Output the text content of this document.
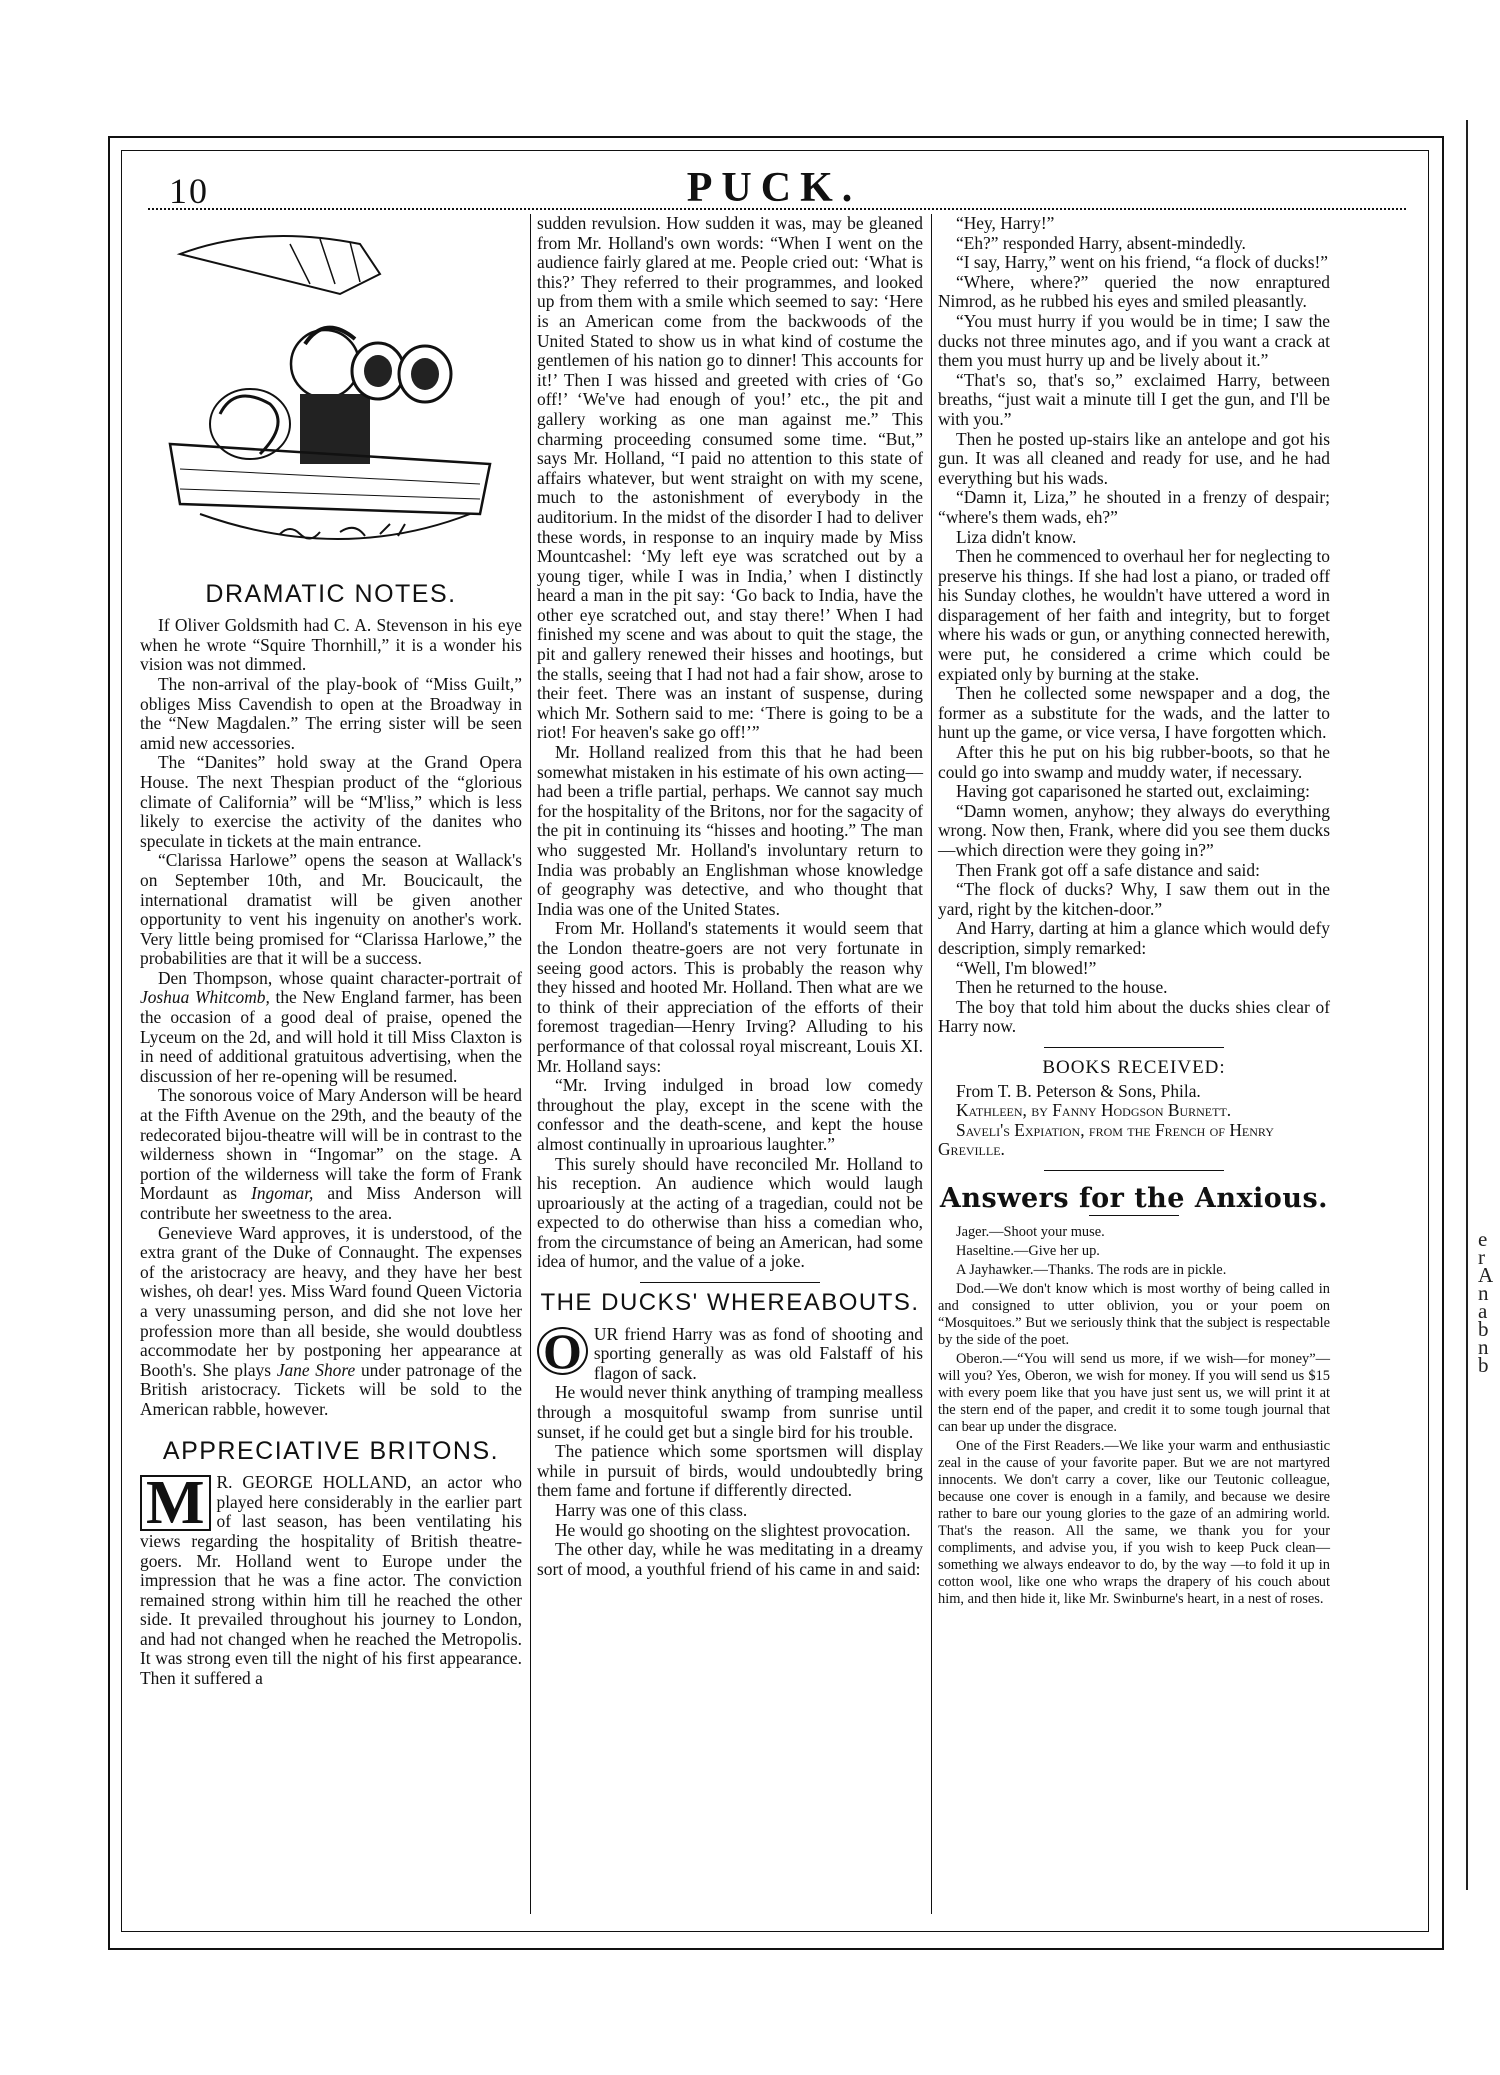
e
r
A
n
a
b
n
b
10	PUCK.
DRAMATIC NOTES.

If Oliver Goldsmith had C. A. Stevenson in his eye when he wrote “Squire Thornhill,” it is a wonder his vision was not dimmed.

The non-arrival of the play-book of “Miss Guilt,” obliges Miss Cavendish to open at the Broadway in the “New Magdalen.” The erring sister will be seen amid new accessories.

The “Danites” hold sway at the Grand Opera House. The next Thespian product of the “glorious climate of California” will be “M'liss,” which is less likely to exercise the activity of the danites who speculate in tickets at the main entrance.

“Clarissa Harlowe” opens the season at Wallack's on September 10th, and Mr. Boucicault, the international dramatist will be given another opportunity to vent his ingenuity on another's work. Very little being promised for “Clarissa Harlowe,” the probabilities are that it will be a success.

Den Thompson, whose quaint character-portrait of Joshua Whitcomb, the New England farmer, has been the occasion of a good deal of praise, opened the Lyceum on the 2d, and will hold it till Miss Claxton is in need of additional gratuitous advertising, when the discussion of her re-opening will be resumed.

The sonorous voice of Mary Anderson will be heard at the Fifth Avenue on the 29th, and the beauty of the redecorated bijou-theatre will will be in contrast to the wilderness shown in “Ingomar” on the stage. A portion of the wilderness will take the form of Frank Mordaunt as Ingomar, and Miss Anderson will contribute her sweetness to the area.

Genevieve Ward approves, it is understood, of the extra grant of the Duke of Connaught. The expenses of the aristocracy are heavy, and they have her best wishes, oh dear! yes. Miss Ward found Queen Victoria a very unassuming person, and did she not love her profession more than all beside, she would doubtless accommodate her by postponing her appearance at Booth's. She plays Jane Shore under patronage of the British aristocracy. Tickets will be sold to the American rabble, however.

APPRECIATIVE BRITONS.

M R. GEORGE HOLLAND, an actor who played here considerably in the earlier part of last season, has been ventilating his views regarding the hospitality of British theatre-goers. Mr. Holland went to Europe under the impression that he was a fine actor. The conviction remained strong within him till he reached the other side. It prevailed throughout his journey to London, and had not changed when he reached the Metropolis. It was strong even till the night of his first appearance. Then it suffered a

sudden revulsion. How sudden it was, may be gleaned from Mr. Holland's own words: “When I went on the audience fairly glared at me. People cried out: ‘What is this?’ They referred to their programmes, and looked up from them with a smile which seemed to say: ‘Here is an American come from the backwoods of the United Stated to show us in what kind of costume the gentlemen of his nation go to dinner! This accounts for it!’ Then I was hissed and greeted with cries of ‘Go off!’ ‘We've had enough of you!’ etc., the pit and gallery working as one man against me.” This charming proceeding consumed some time. “But,” says Mr. Holland, “I paid no attention to this state of affairs whatever, but went straight on with my scene, much to the astonishment of everybody in the auditorium. In the midst of the disorder I had to deliver these words, in response to an inquiry made by Miss Mountcashel: ‘My left eye was scratched out by a young tiger, while I was in India,’ when I distinctly heard a man in the pit say: ‘Go back to India, have the other eye scratched out, and stay there!’ When I had finished my scene and was about to quit the stage, the pit and gallery renewed their hisses and hootings, but the stalls, seeing that I had not had a fair show, arose to their feet. There was an instant of suspense, during which Mr. Sothern said to me: ‘There is going to be a riot! For heaven's sake go off!’”

Mr. Holland realized from this that he had been somewhat mistaken in his estimate of his own acting—had been a trifle partial, perhaps. We cannot say much for the hospitality of the Britons, nor for the sagacity of the pit in continuing its “hisses and hooting.” The man who suggested Mr. Holland's involuntary return to India was probably an Englishman whose knowledge of geography was detective, and who thought that India was one of the United States.

From Mr. Holland's statements it would seem that the London theatre-goers are not very fortunate in seeing good actors. This is probably the reason why they hissed and hooted Mr. Holland. Then what are we to think of their appreciation of the efforts of their foremost tragedian—Henry Irving? Alluding to his performance of that colossal royal miscreant, Louis XI. Mr. Holland says:

“Mr. Irving indulged in broad low comedy throughout the play, except in the scene with the confessor and the death-scene, and kept the house almost continually in uproarious laughter.”

This surely should have reconciled Mr. Holland to his reception. An audience which would laugh uproariously at the acting of a tragedian, could not be expected to do otherwise than hiss a comedian who, from the circumstance of being an American, had some idea of humor, and the value of a joke.

THE DUCKS' WHEREABOUTS.

O UR friend Harry was as fond of shooting and sporting generally as was old Falstaff of his flagon of sack.

He would never think anything of tramping mealless through a mosquitoful swamp from sunrise until sunset, if he could get but a single bird for his trouble.

The patience which some sportsmen will display while in pursuit of birds, would undoubtedly bring them fame and fortune if differently directed.

Harry was one of this class.

He would go shooting on the slightest provocation.

The other day, while he was meditating in a dreamy sort of mood, a youthful friend of his came in and said:

“Hey, Harry!”

“Eh?” responded Harry, absent-mindedly.

“I say, Harry,” went on his friend, “a flock of ducks!”

“Where, where?” queried the now enraptured Nimrod, as he rubbed his eyes and smiled pleasantly.

“You must hurry if you would be in time; I saw the ducks not three minutes ago, and if you want a crack at them you must hurry up and be lively about it.”

“That's so, that's so,” exclaimed Harry, between breaths, “just wait a minute till I get the gun, and I'll be with you.”

Then he posted up-stairs like an antelope and got his gun. It was all cleaned and ready for use, and he had everything but his wads.

“Damn it, Liza,” he shouted in a frenzy of despair; “where's them wads, eh?”

Liza didn't know.

Then he commenced to overhaul her for neglecting to preserve his things. If she had lost a piano, or traded off his Sunday clothes, he wouldn't have uttered a word in disparagement of her faith and integrity, but to forget where his wads or gun, or anything connected herewith, were put, he considered a crime which could be expiated only by burning at the stake.

Then he collected some newspaper and a dog, the former as a substitute for the wads, and the latter to hunt up the game, or vice versa, I have forgotten which.

After this he put on his big rubber-boots, so that he could go into swamp and muddy water, if necessary.

Having got caparisoned he started out, exclaiming:

“Damn women, anyhow; they always do everything wrong. Now then, Frank, where did you see them ducks—which direction were they going in?”

Then Frank got off a safe distance and said:

“The flock of ducks? Why, I saw them out in the yard, right by the kitchen-door.”

And Harry, darting at him a glance which would defy description, simply remarked:

“Well, I'm blowed!”

Then he returned to the house.

The boy that told him about the ducks shies clear of Harry now.

BOOKS RECEIVED:

From T. B. Peterson & Sons, Phila.

Kathleen, by Fanny Hodgson Burnett.

Saveli's Expiation, from the French of Henry Greville.

Answers for the Anxious.

Jager.—Shoot your muse.

Haseltine.—Give her up.

A Jayhawker.—Thanks. The rods are in pickle.

Dod.—We don't know which is most worthy of being called in and consigned to utter oblivion, you or your poem on “Mosquitoes.” But we seriously think that the subject is respectable by the side of the poet.

Oberon.—“You will send us more, if we wish—for money”—will you? Yes, Oberon, we wish for money. If you will send us $15 with every poem like that you have just sent us, we will print it at the stern end of the paper, and credit it to some tough journal that can bear up under the disgrace.

One of the First Readers.—We like your warm and enthusiastic zeal in the cause of your favorite paper. But we are not martyred innocents. We don't carry a cover, like our Teutonic colleague, because one cover is enough in a family, and because we desire rather to bare our young glories to the gaze of an admiring world. That's the reason. All the same, we thank you for your compliments, and advise you, if you wish to keep Puck clean—something we always endeavor to do, by the way —to fold it up in cotton wool, like one who wraps the drapery of his couch about him, and then hide it, like Mr. Swinburne's heart, in a nest of roses.

comicbooks.com
